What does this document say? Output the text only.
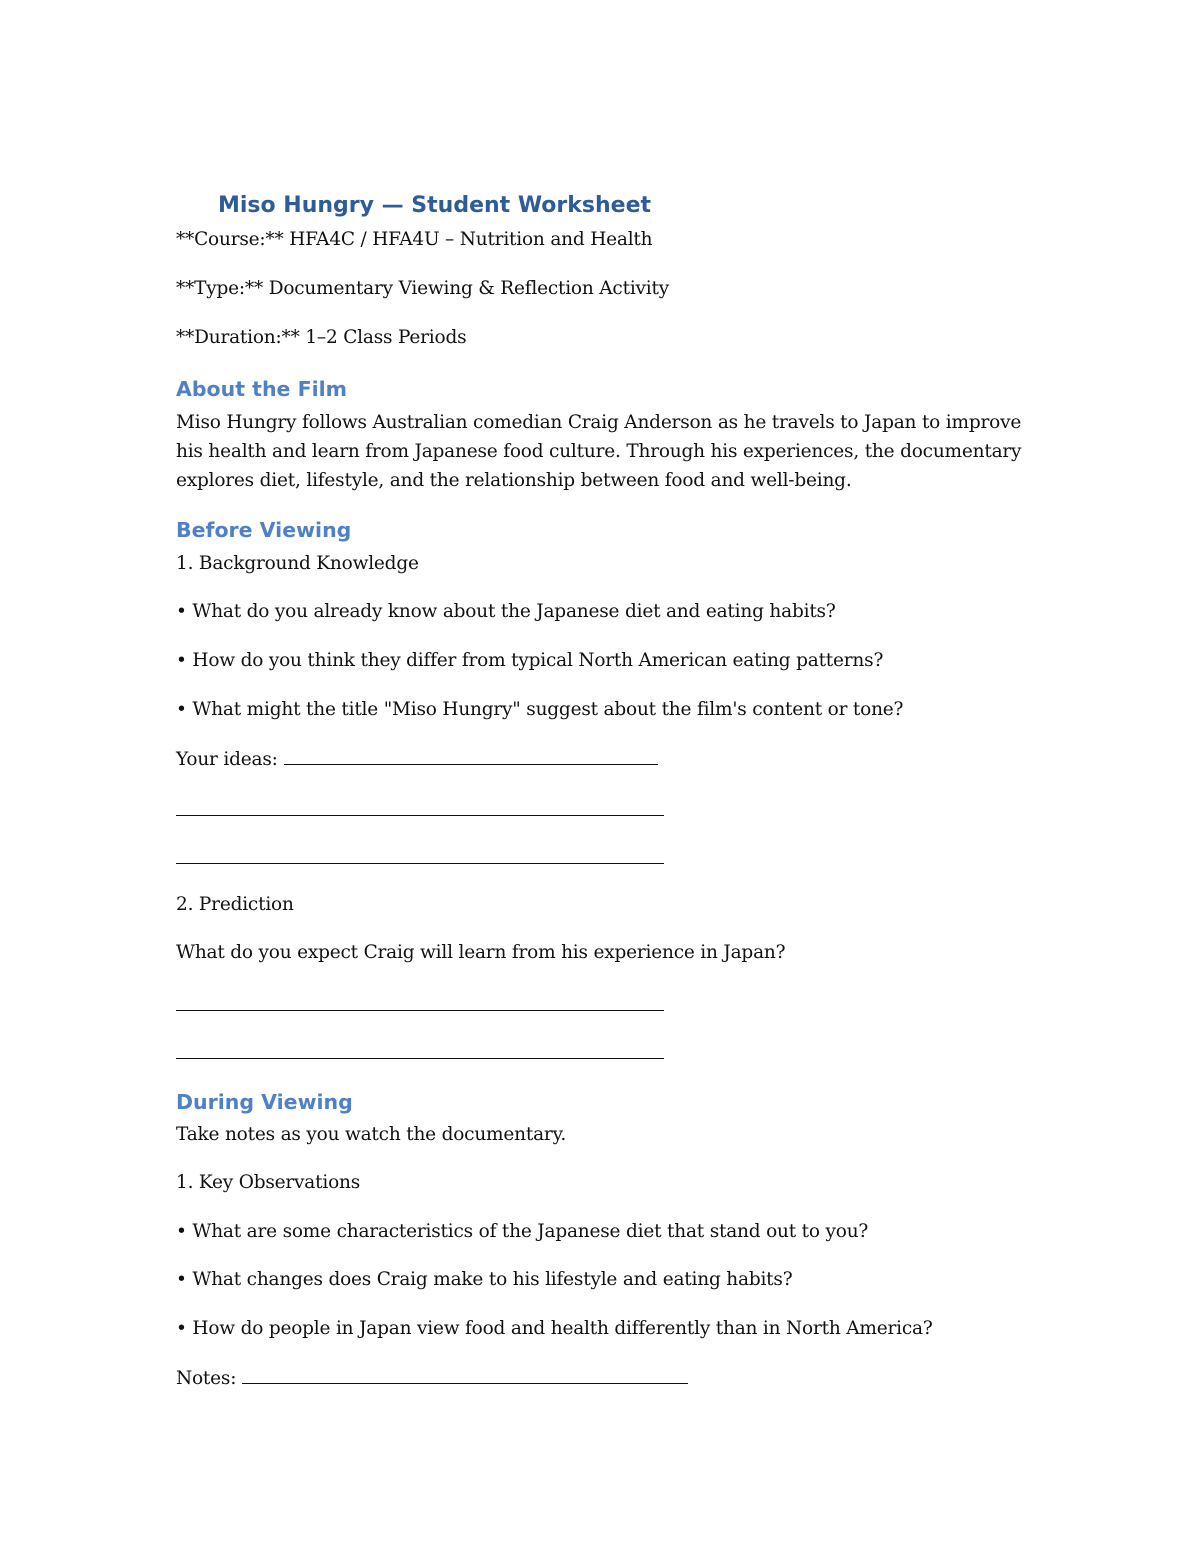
Miso Hungry — Student Worksheet
**Course:** HFA4C / HFA4U – Nutrition and Health
**Type:** Documentary Viewing & Reflection Activity
**Duration:** 1–2 Class Periods
About the Film
Miso Hungry follows Australian comedian Craig Anderson as he travels to Japan to improve his health and learn from Japanese food culture. Through his experiences, the documentary explores diet, lifestyle, and the relationship between food and well-being.
Before Viewing
1. Background Knowledge
• What do you already know about the Japanese diet and eating habits?
• How do you think they differ from typical North American eating patterns?
• What might the title "Miso Hungry" suggest about the film's content or tone?
Your ideas:
2. Prediction
What do you expect Craig will learn from his experience in Japan?
During Viewing
Take notes as you watch the documentary.
1. Key Observations
• What are some characteristics of the Japanese diet that stand out to you?
• What changes does Craig make to his lifestyle and eating habits?
• How do people in Japan view food and health differently than in North America?
Notes:
